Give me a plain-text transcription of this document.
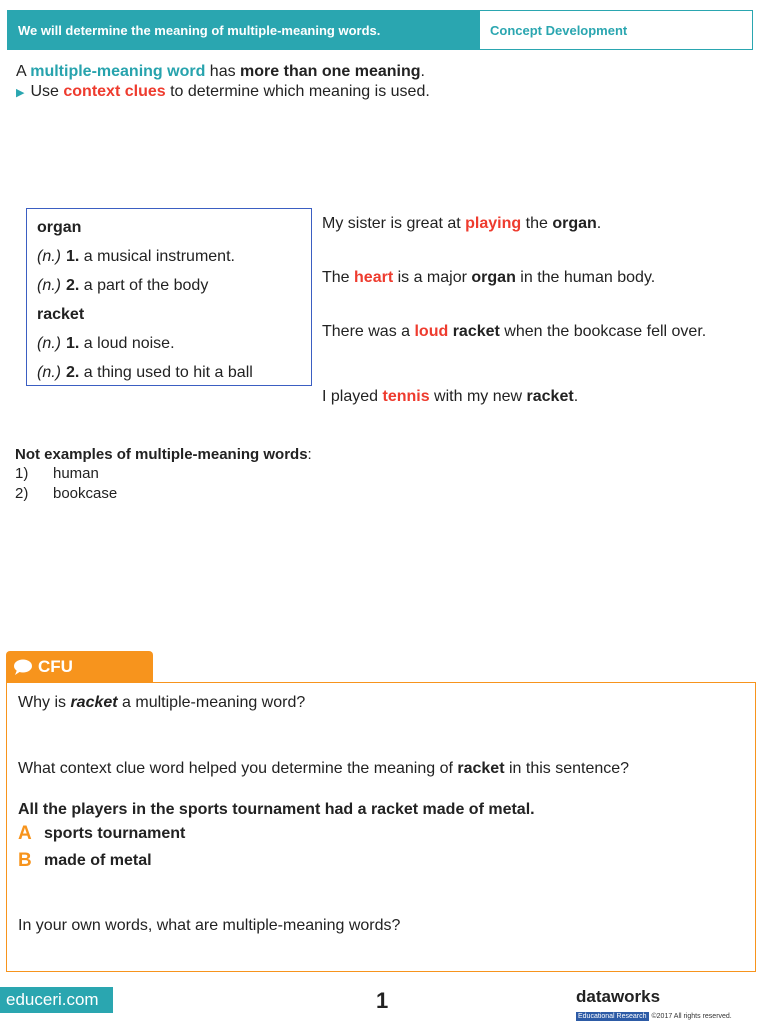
We will determine the meaning of multiple-meaning words.	Concept Development
A multiple-meaning word has more than one meaning.
▶ Use context clues to determine which meaning is used.
organ
(n.) 1. a musical instrument.
(n.) 2. a part of the body
racket
(n.) 1. a loud noise.
(n.) 2. a thing used to hit a ball
My sister is great at playing the organ.
The heart is a major organ in the human body.
There was a loud racket when the bookcase fell over.
I played tennis with my new racket.
Not examples of multiple-meaning words:
1) human
2) bookcase
CFU
Why is racket a multiple-meaning word?
What context clue word helped you determine the meaning of racket in this sentence?
All the players in the sports tournament had a racket made of metal.
A sports tournament
B made of metal
In your own words, what are multiple-meaning words?
educeri.com	1	dataworks
Educational Research ©2017 All rights reserved.
